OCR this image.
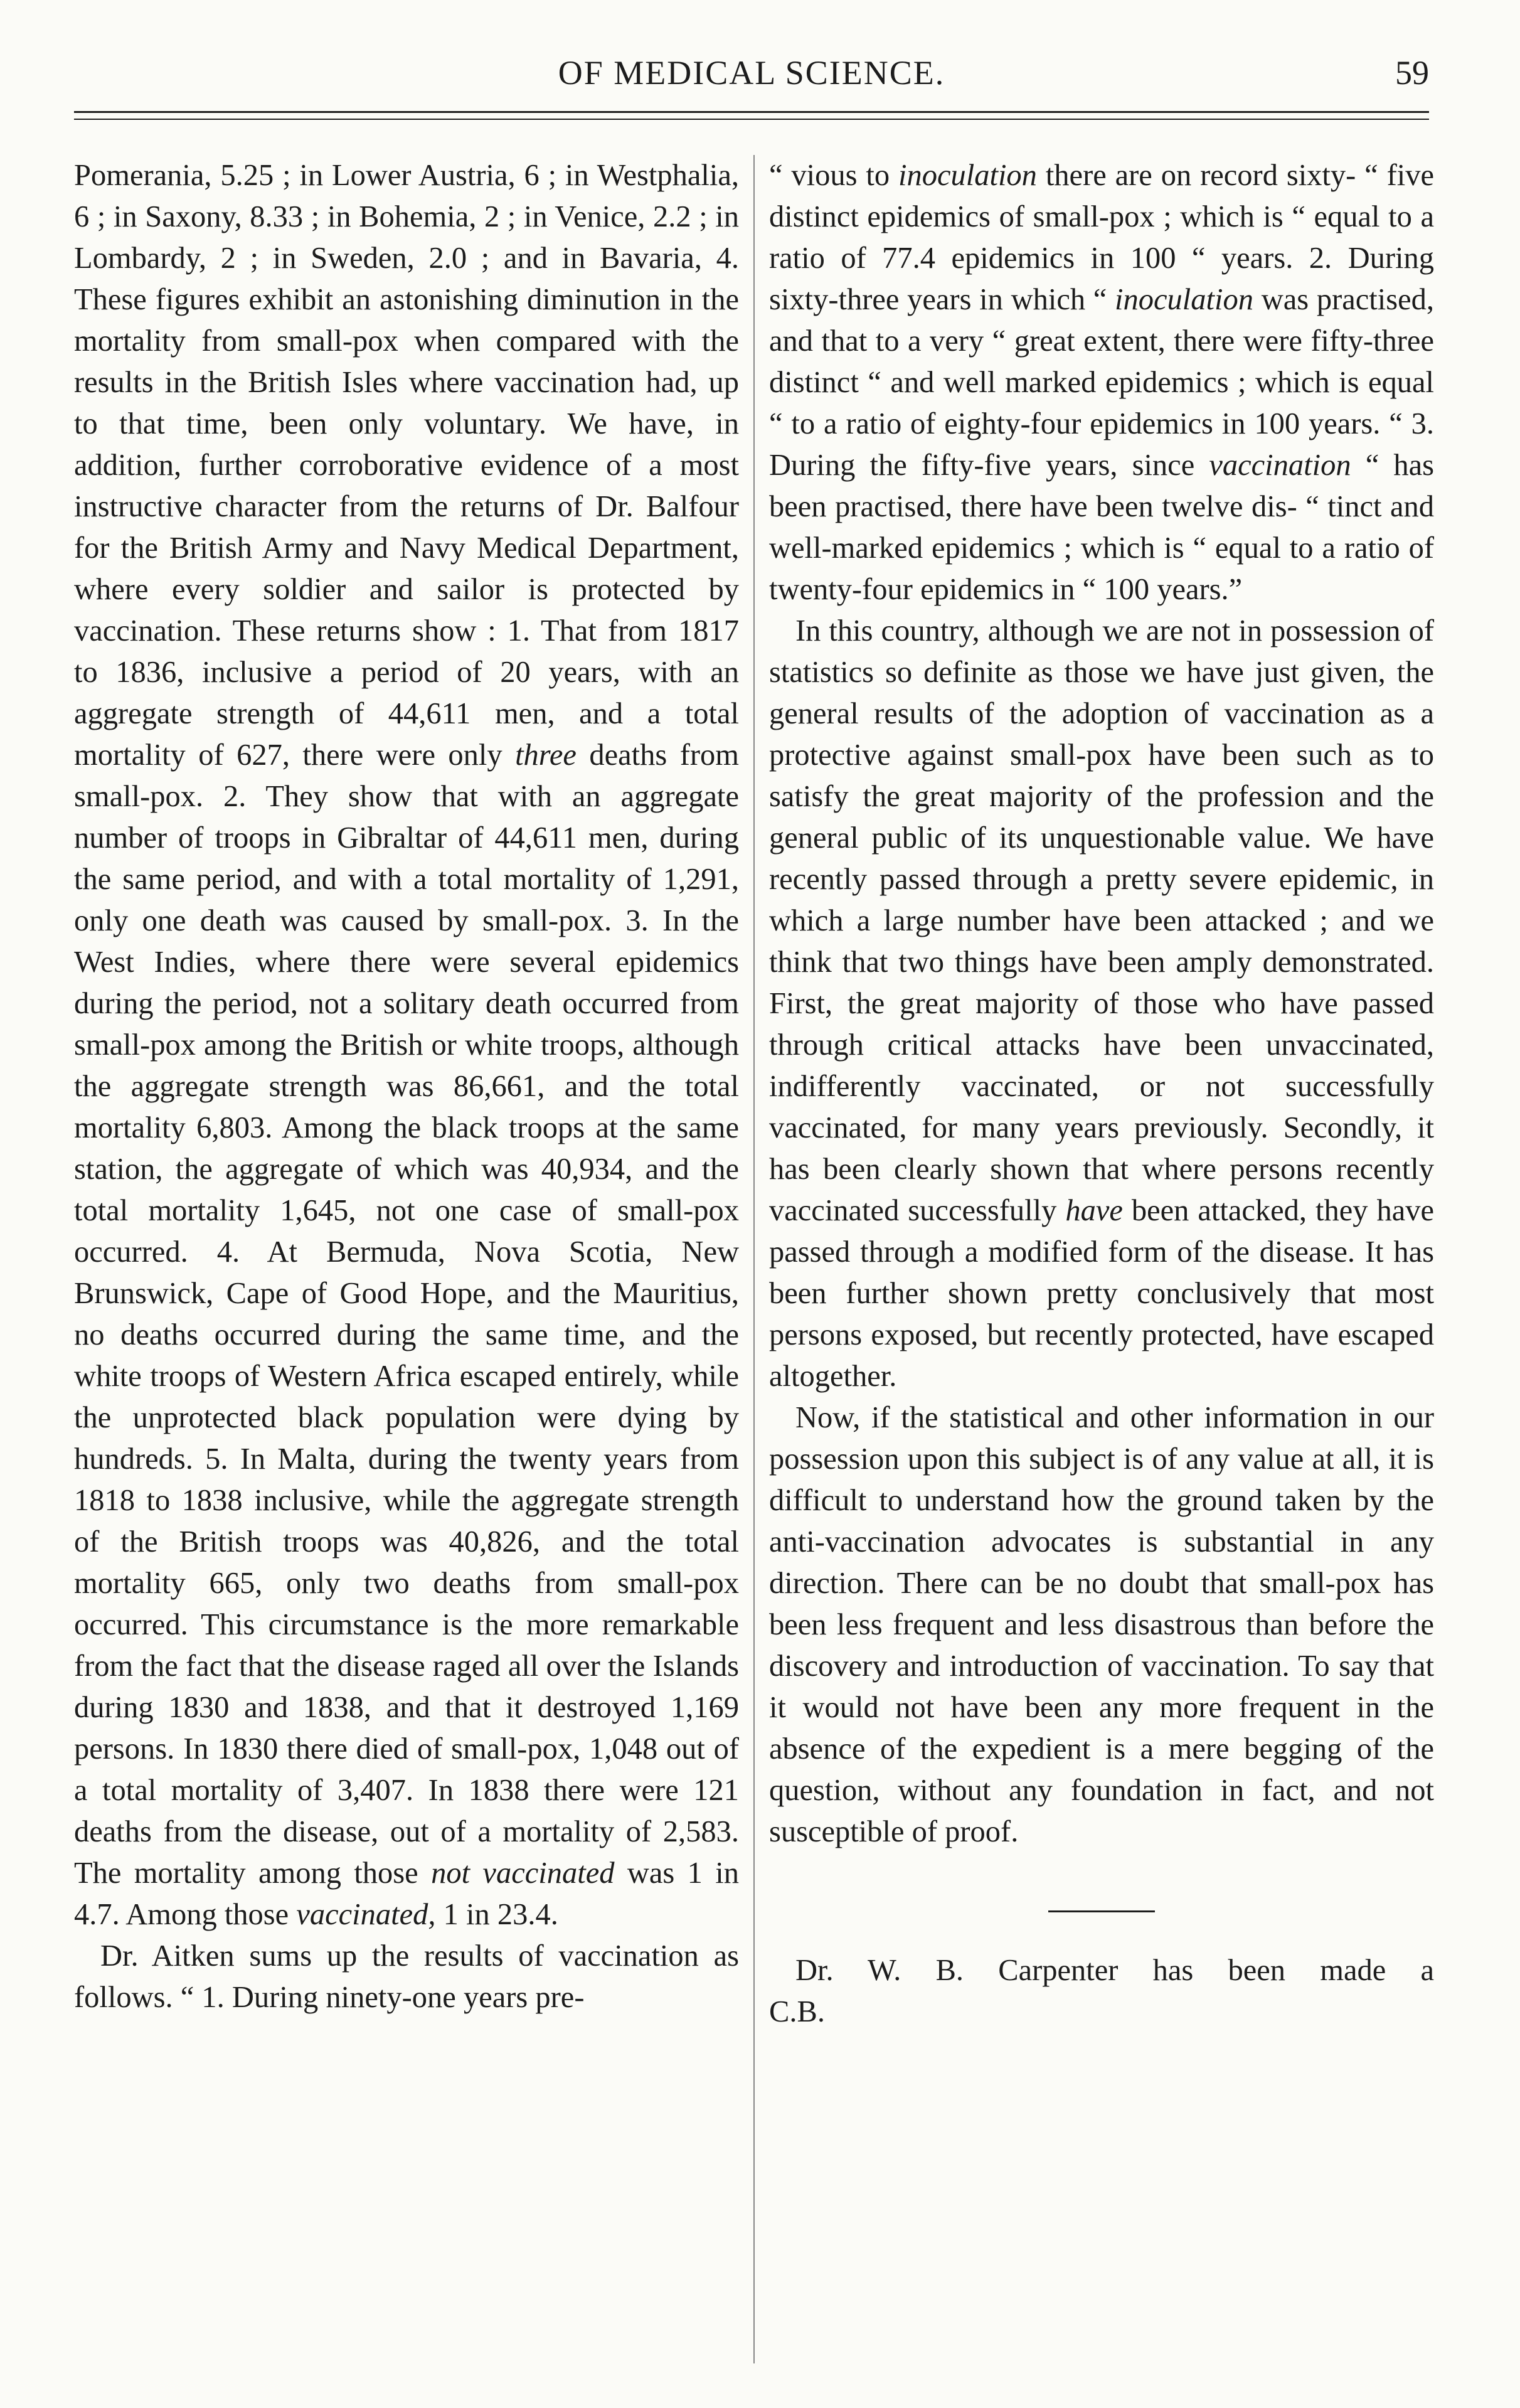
OF MEDICAL SCIENCE.	59

Pomerania, 5.25 ; in Lower Austria, 6 ; in Westphalia, 6 ; in Saxony, 8.33 ; in Bohemia, 2 ; in Venice, 2.2 ; in Lombardy, 2 ; in Sweden, 2.0 ; and in Bavaria, 4. These figures exhibit an astonishing diminution in the mortality from small-pox when compared with the results in the British Isles where vaccination had, up to that time, been only voluntary. We have, in addition, further corroborative evidence of a most instructive character from the returns of Dr. Balfour for the British Army and Navy Medical Department, where every soldier and sailor is protected by vaccination. These returns show : 1. That from 1817 to 1836, inclusive a period of 20 years, with an aggregate strength of 44,611 men, and a total mortality of 627, there were only three deaths from small-pox. 2. They show that with an aggregate number of troops in Gibraltar of 44,611 men, during the same period, and with a total mortality of 1,291, only one death was caused by small-pox. 3. In the West Indies, where there were several epidemics during the period, not a solitary death occurred from small-pox among the British or white troops, although the aggregate strength was 86,661, and the total mortality 6,803. Among the black troops at the same station, the aggregate of which was 40,934, and the total mortality 1,645, not one case of small-pox occurred. 4. At Bermuda, Nova Scotia, New Brunswick, Cape of Good Hope, and the Mauritius, no deaths occurred during the same time, and the white troops of Western Africa escaped entirely, while the unprotected black population were dying by hundreds. 5. In Malta, during the twenty years from 1818 to 1838 inclusive, while the aggregate strength of the British troops was 40,826, and the total mortality 665, only two deaths from small-pox occurred. This circumstance is the more remarkable from the fact that the disease raged all over the Islands during 1830 and 1838, and that it destroyed 1,169 persons. In 1830 there died of small-pox, 1,048 out of a total mortality of 3,407. In 1838 there were 121 deaths from the disease, out of a mortality of 2,583. The mortality among those not vaccinated was 1 in 4.7. Among those vaccinated, 1 in 23.4.

Dr. Aitken sums up the results of vaccination as follows. “ 1. During ninety-one years pre-

“ vious to inoculation there are on record sixty- “ five distinct epidemics of small-pox ; which is “ equal to a ratio of 77.4 epidemics in 100 “ years. 2. During sixty-three years in which “ inoculation was practised, and that to a very “ great extent, there were fifty-three distinct “ and well marked epidemics ; which is equal “ to a ratio of eighty-four epidemics in 100 years. “ 3. During the fifty-five years, since vaccination “ has been practised, there have been twelve dis- “ tinct and well-marked epidemics ; which is “ equal to a ratio of twenty-four epidemics in “ 100 years.”

In this country, although we are not in possession of statistics so definite as those we have just given, the general results of the adoption of vaccination as a protective against small-pox have been such as to satisfy the great majority of the profession and the general public of its unquestionable value. We have recently passed through a pretty severe epidemic, in which a large number have been attacked ; and we think that two things have been amply demonstrated. First, the great majority of those who have passed through critical attacks have been unvaccinated, indifferently vaccinated, or not successfully vaccinated, for many years previously. Secondly, it has been clearly shown that where persons recently vaccinated successfully have been attacked, they have passed through a modified form of the disease. It has been further shown pretty conclusively that most persons exposed, but recently protected, have escaped altogether.

Now, if the statistical and other information in our possession upon this subject is of any value at all, it is difficult to understand how the ground taken by the anti-vaccination advocates is substantial in any direction. There can be no doubt that small-pox has been less frequent and less disastrous than before the discovery and introduction of vaccination. To say that it would not have been any more frequent in the absence of the expedient is a mere begging of the question, without any foundation in fact, and not susceptible of proof.

Dr. W. B. Carpenter has been made a C.B.
